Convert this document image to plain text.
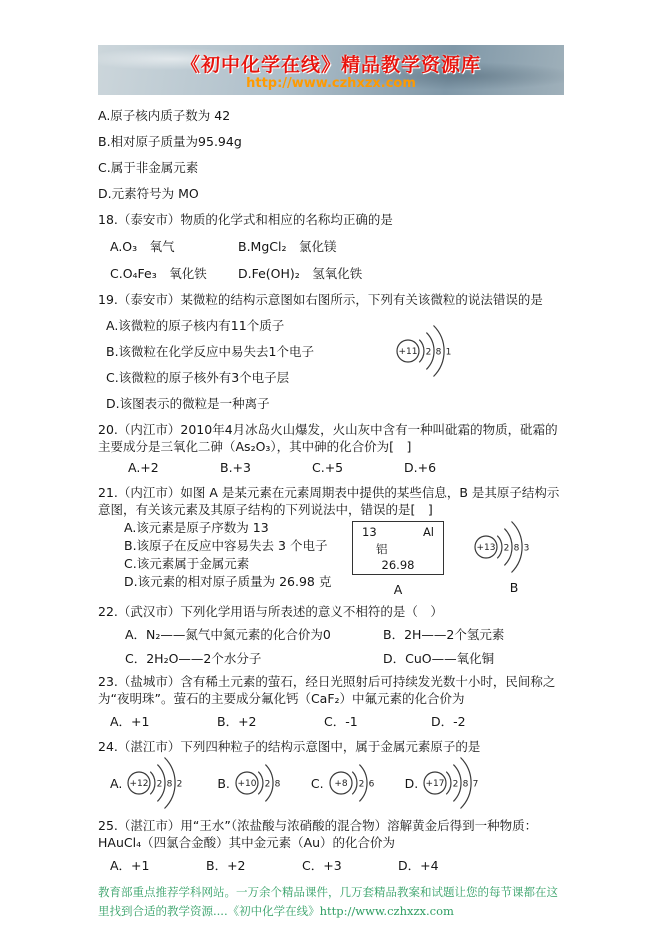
《初中化学在线》精品教学资源库
http://www.czhxzx.com

A.原子核内质子数为 42

B.相对原子质量为95.94g

C.属于非金属元素

D.元素符号为 MO

18.（泰安市）物质的化学式和相应的名称均正确的是

A.O₃　氧气	B.MgCl₂　氯化镁
C.O₄Fe₃　氧化铁	D.Fe(OH)₂　氢氧化铁

19.（泰安市）某微粒的结构示意图如右图所示，下列有关该微粒的说法错误的是

A.该微粒的原子核内有11个质子

B.该微粒在化学反应中易失去1个电子

C.该微粒的原子核外有3个电子层

D.该图表示的微粒是一种离子

+11 2 8 1

20.（内江市）2010年4月冰岛火山爆发，火山灰中含有一种叫砒霜的物质，砒霜的主要成分是三氧化二砷（As₂O₃），其中砷的化合价为[　]

A.+2	B.+3	C.+5	D.+6

21.（内江市）如图 A 是某元素在元素周期表中提供的某些信息，B 是其原子结构示意图，有关该元素及其原子结构的下列说法中，错误的是[　]

A.该元素是原子序数为 13

B.该原子在反应中容易失去 3 个电子

C.该元素属于金属元素

D.该元素的相对原子质量为 26.98 克

13	Al
铝
26.98
A
+13 2 8 3
B

22.（武汉市）下列化学用语与所表述的意义不相符的是（　）

A．N₂——氮气中氮元素的化合价为0	B．2H——2个氢元素
C．2H₂O——2个水分子	D．CuO——氧化铜

23.（盐城市）含有稀土元素的萤石，经日光照射后可持续发光数十小时，民间称之为“夜明珠”。萤石的主要成分氟化钙（CaF₂）中氟元素的化合价为

A．+1	B．+2	C．-1	D．-2

24.（湛江市）下列四种粒子的结构示意图中，属于金属元素原子的是

A. +12 2 8 2	B. +10 2 8 C. +8 2 6 D. +17 2 8 7

25.（湛江市）用“王水”（浓盐酸与浓硝酸的混合物）溶解黄金后得到一种物质：HAuCl₄（四氯合金酸）其中金元素（Au）的化合价为

A．+1	B．+2	C．+3	D．+4

教育部重点推荐学科网站。一万余个精品课件，几万套精品教案和试题让您的每节课都在这里找到合适的教学资源....《初中化学在线》http://www.czhxzx.com
